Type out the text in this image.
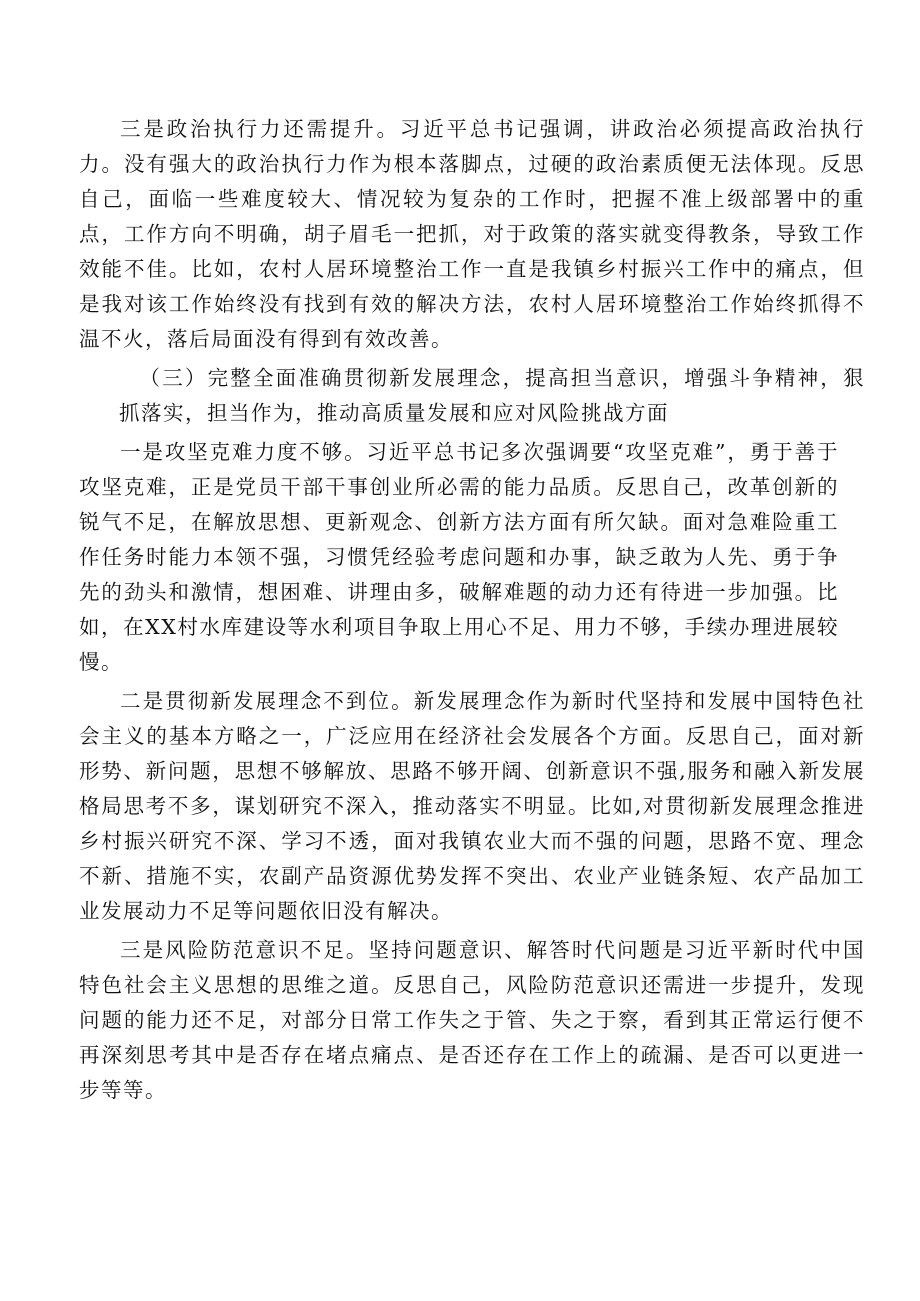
三是政治执行力还需提升。习近平总书记强调，讲政治必须提高政治执行力。没有强大的政治执行力作为根本落脚点，过硬的政治素质便无法体现。反思自己，面临一些难度较大、情况较为复杂的工作时，把握不准上级部署中的重点，工作方向不明确，胡子眉毛一把抓，对于政策的落实就变得教条，导致工作效能不佳。比如，农村人居环境整治工作一直是我镇乡村振兴工作中的痛点，但是我对该工作始终没有找到有效的解决方法，农村人居环境整治工作始终抓得不温不火，落后局面没有得到有效改善。

（三）完整全面准确贯彻新发展理念，提高担当意识，增强斗争精神，狠抓落实，担当作为，推动高质量发展和应对风险挑战方面

一是攻坚克难力度不够。习近平总书记多次强调要“攻坚克难”，勇于善于攻坚克难，正是党员干部干事创业所必需的能力品质。反思自己，改革创新的锐气不足，在解放思想、更新观念、创新方法方面有所欠缺。面对急难险重工作任务时能力本领不强，习惯凭经验考虑问题和办事，缺乏敢为人先、勇于争先的劲头和激情，想困难、讲理由多，破解难题的动力还有待进一步加强。比如，在XX村水库建设等水利项目争取上用心不足、用力不够，手续办理进展较慢。

二是贯彻新发展理念不到位。新发展理念作为新时代坚持和发展中国特色社会主义的基本方略之一，广泛应用在经济社会发展各个方面。反思自己，面对新形势、新问题，思想不够解放、思路不够开阔、创新意识不强,服务和融入新发展格局思考不多，谋划研究不深入，推动落实不明显。比如,对贯彻新发展理念推进乡村振兴研究不深、学习不透，面对我镇农业大而不强的问题，思路不宽、理念不新、措施不实，农副产品资源优势发挥不突出、农业产业链条短、农产品加工业发展动力不足等问题依旧没有解决。

三是风险防范意识不足。坚持问题意识、解答时代问题是习近平新时代中国特色社会主义思想的思维之道。反思自己，风险防范意识还需进一步提升，发现问题的能力还不足，对部分日常工作失之于管、失之于察，看到其正常运行便不再深刻思考其中是否存在堵点痛点、是否还存在工作上的疏漏、是否可以更进一步等等。
